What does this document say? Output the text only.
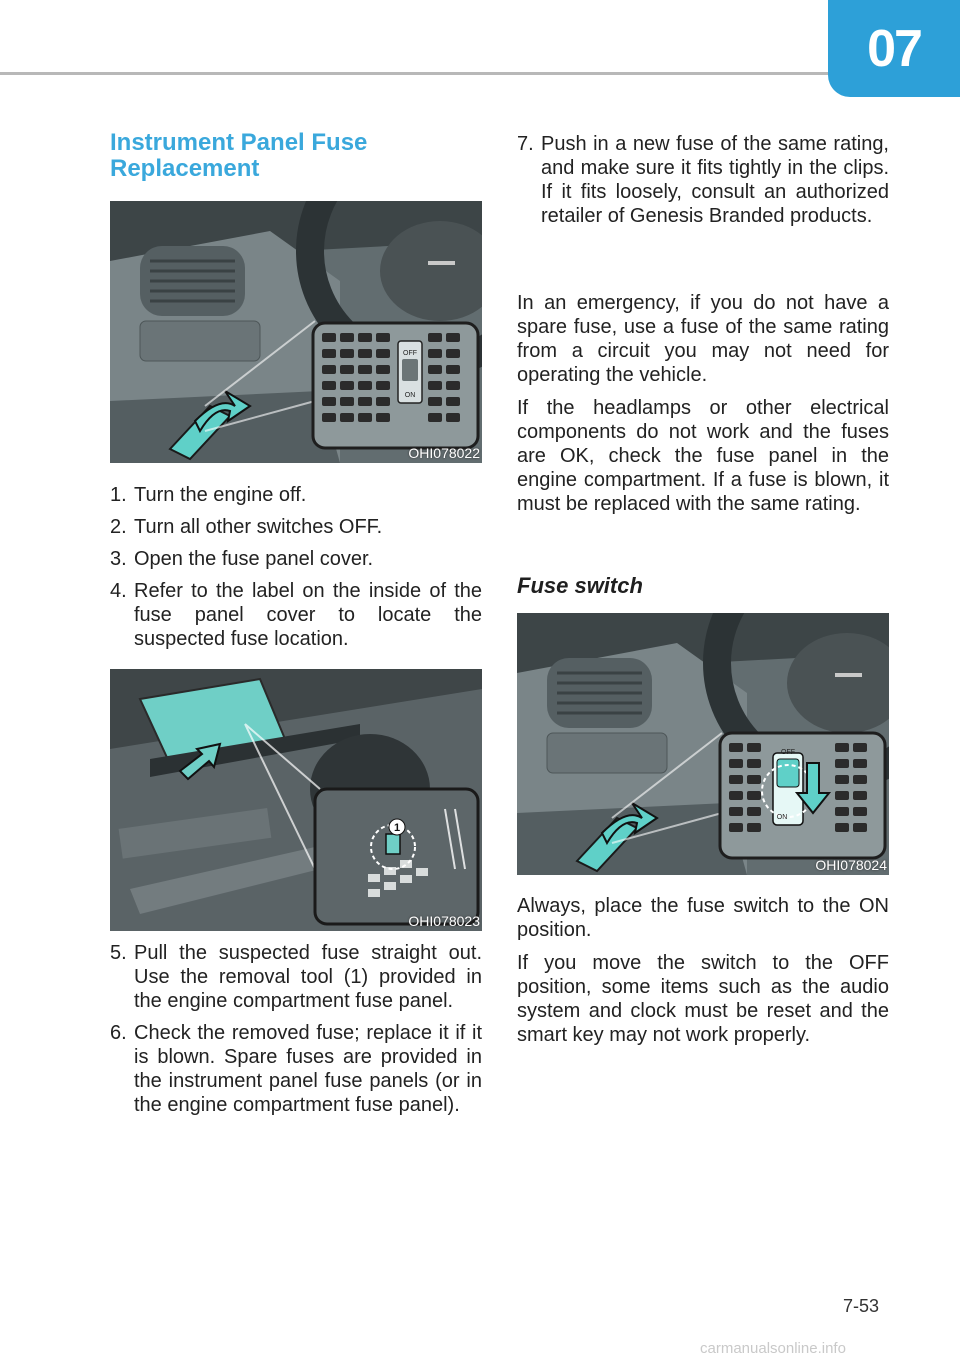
07
Instrument Panel Fuse Replacement
OFF
ON
OHI078022
1. Turn the engine off.
2. Turn all other switches OFF.
3. Open the fuse panel cover.
4. Refer to the label on the inside of the fuse panel cover to locate the suspected fuse location.
1
OHI078023
5. Pull the suspected fuse straight out. Use the removal tool (1) provided in the engine compartment fuse panel.
6. Check the removed fuse; replace it if it is blown. Spare fuses are provided in the instrument panel fuse panels (or in the engine compartment fuse panel).
7. Push in a new fuse of the same rating, and make sure it fits tightly in the clips. If it fits loosely, consult an authorized retailer of Genesis Branded products.

In an emergency, if you do not have a spare fuse, use a fuse of the same rating from a circuit you may not need for operating the vehicle.

If the headlamps or other electrical components do not work and the fuses are OK, check the fuse panel in the engine compartment. If a fuse is blown, it must be replaced with the same rating.

Fuse switch
OFF
ON
OHI078024

Always, place the fuse switch to the ON position.

If you move the switch to the OFF position, some items such as the audio system and clock must be reset and the smart key may not work properly.

7-53
carmanualsonline.info
